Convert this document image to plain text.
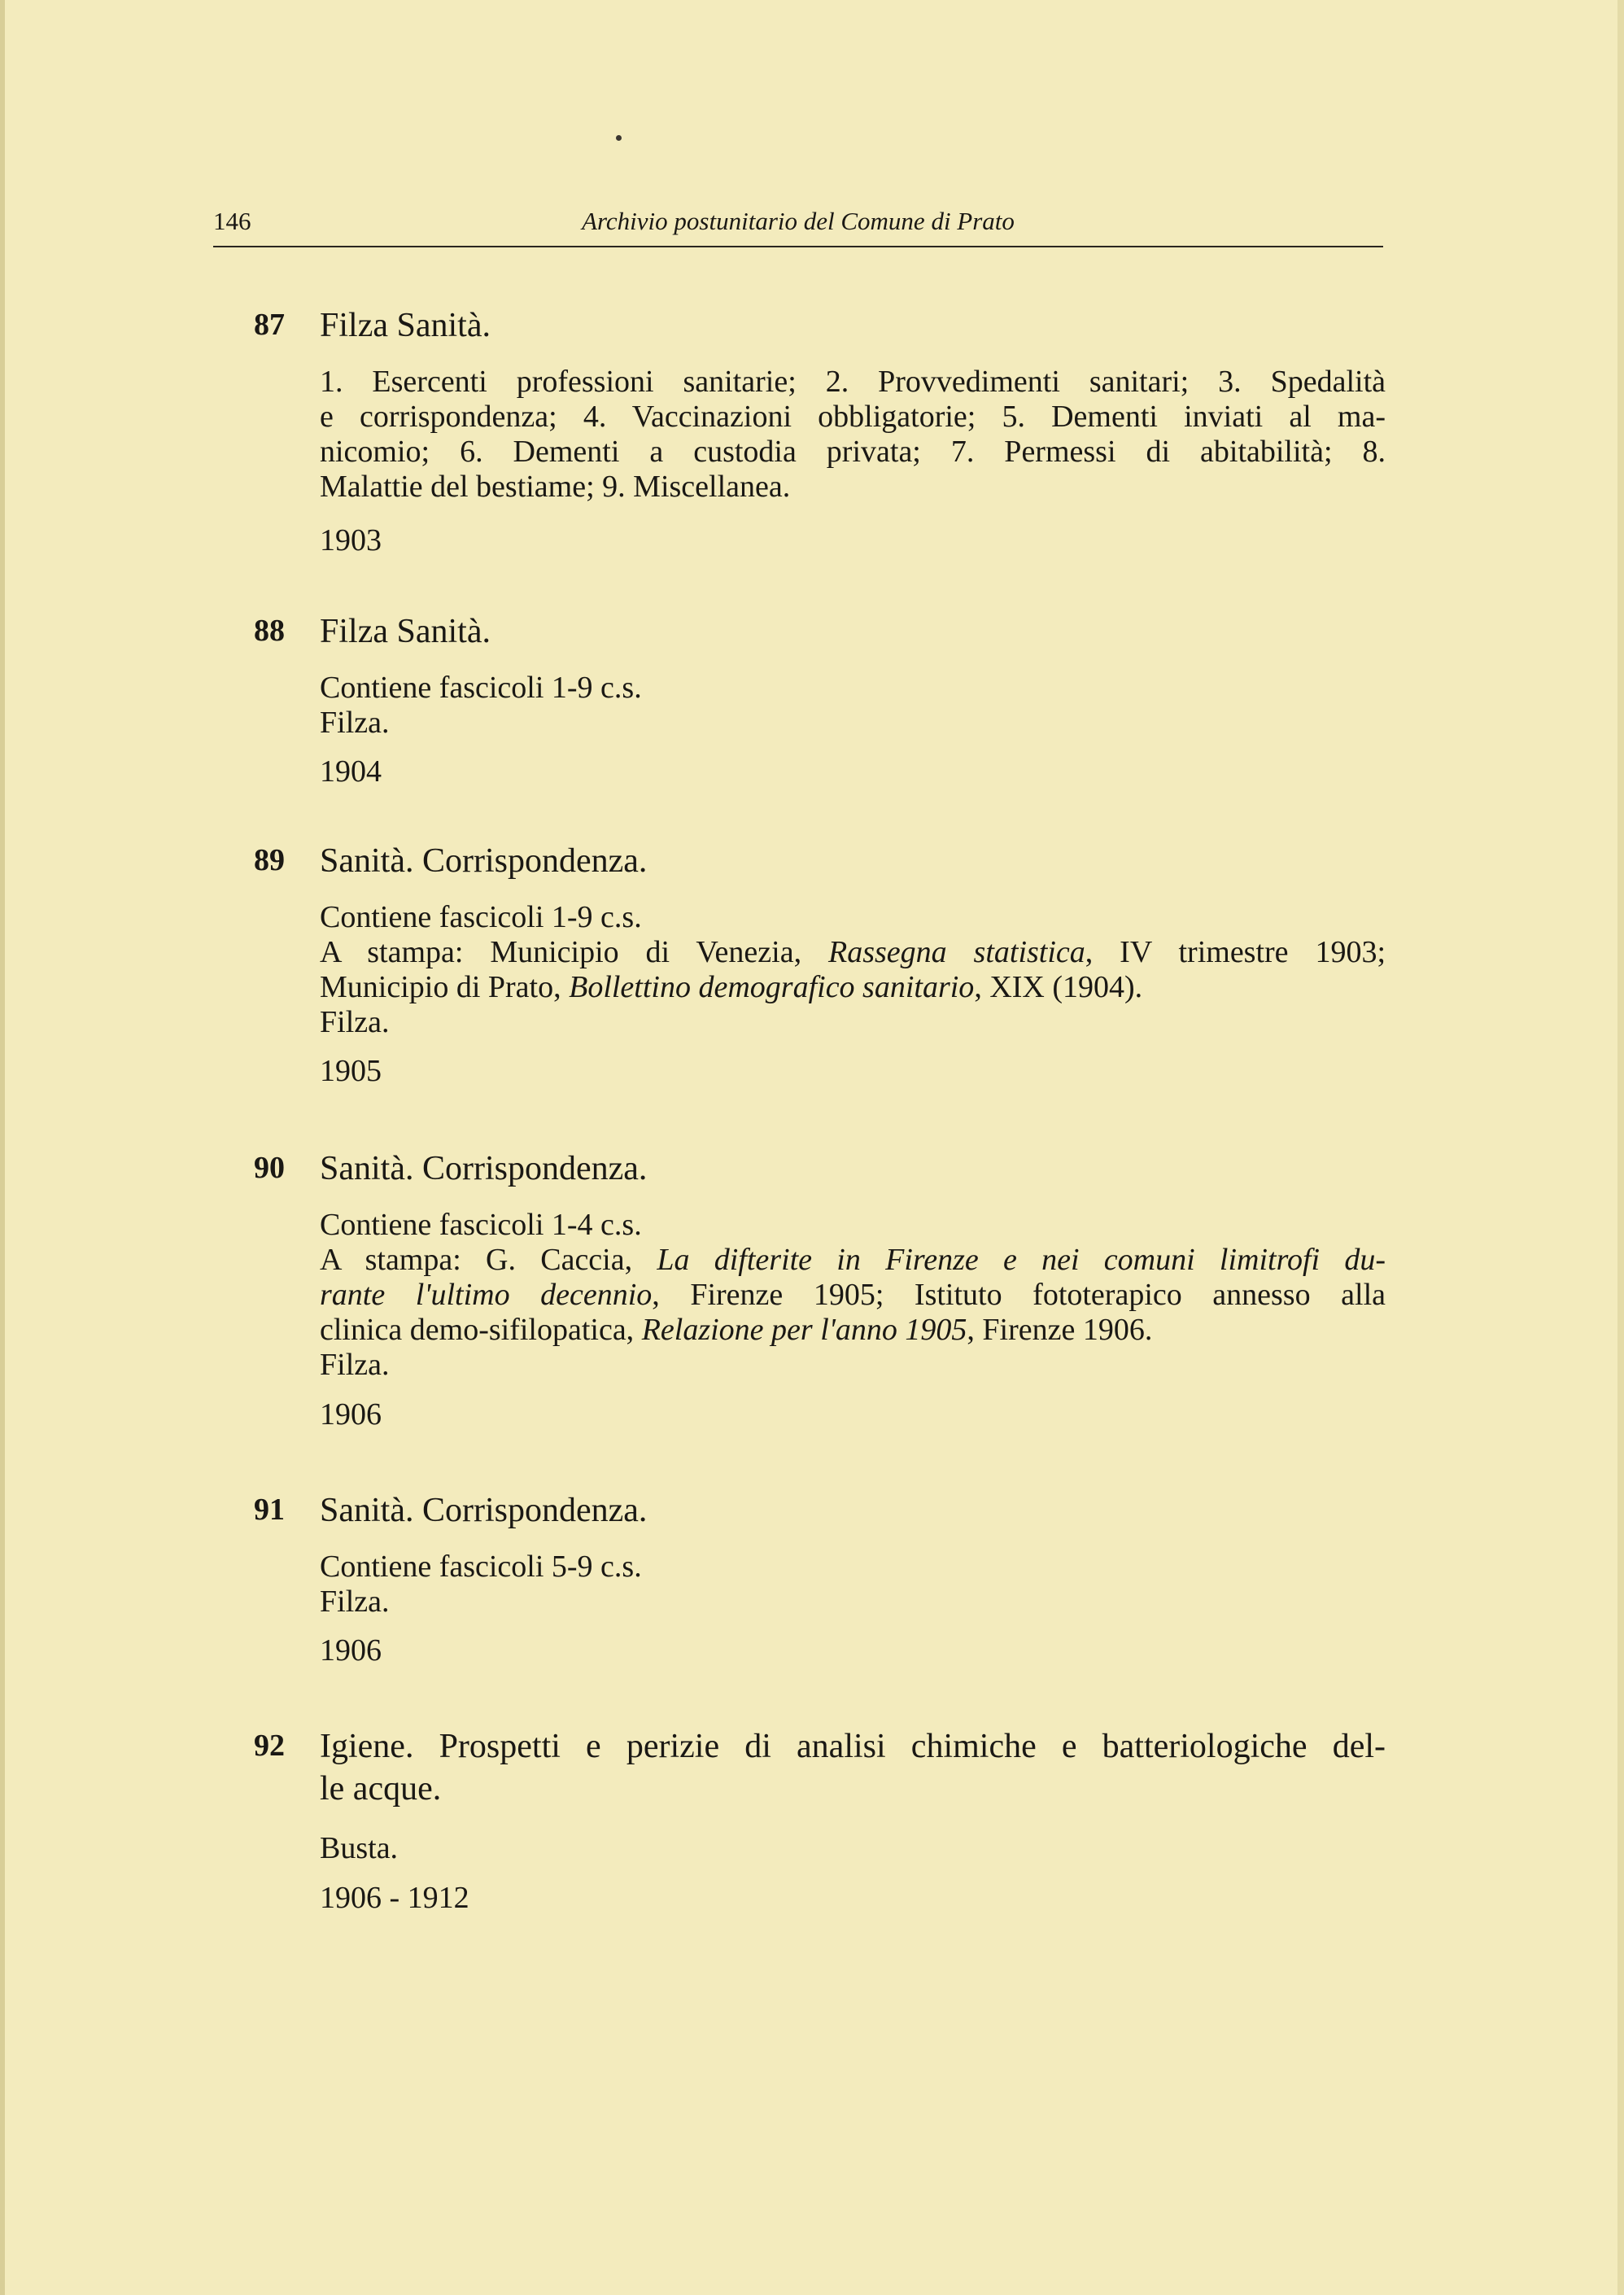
146	Archivio postunitario del Comune di Prato
87 Filza Sanità.
1. Esercenti professioni sanitarie; 2. Provvedimenti sanitari; 3. Spedalità
e corrispondenza; 4. Vaccinazioni obbligatorie; 5. Dementi inviati al ma-
nicomio; 6. Dementi a custodia privata; 7. Permessi di abitabilità; 8.
Malattie del bestiame; 9. Miscellanea.
1903
88 Filza Sanità.
Contiene fascicoli 1-9 c.s.
Filza.
1904
89 Sanità. Corrispondenza.
Contiene fascicoli 1-9 c.s.
A stampa: Municipio di Venezia, Rassegna statistica, IV trimestre 1903;
Municipio di Prato, Bollettino demografico sanitario, XIX (1904).
Filza.
1905
90 Sanità. Corrispondenza.
Contiene fascicoli 1-4 c.s.
A stampa: G. Caccia, La difterite in Firenze e nei comuni limitrofi du-
rante l'ultimo decennio, Firenze 1905; Istituto fototerapico annesso alla
clinica demo-sifilopatica, Relazione per l'anno 1905, Firenze 1906.
Filza.
1906
91 Sanità. Corrispondenza.
Contiene fascicoli 5-9 c.s.
Filza.
1906
92 Igiene. Prospetti e perizie di analisi chimiche e batteriologiche del-
le acque.
Busta.
1906 - 1912
